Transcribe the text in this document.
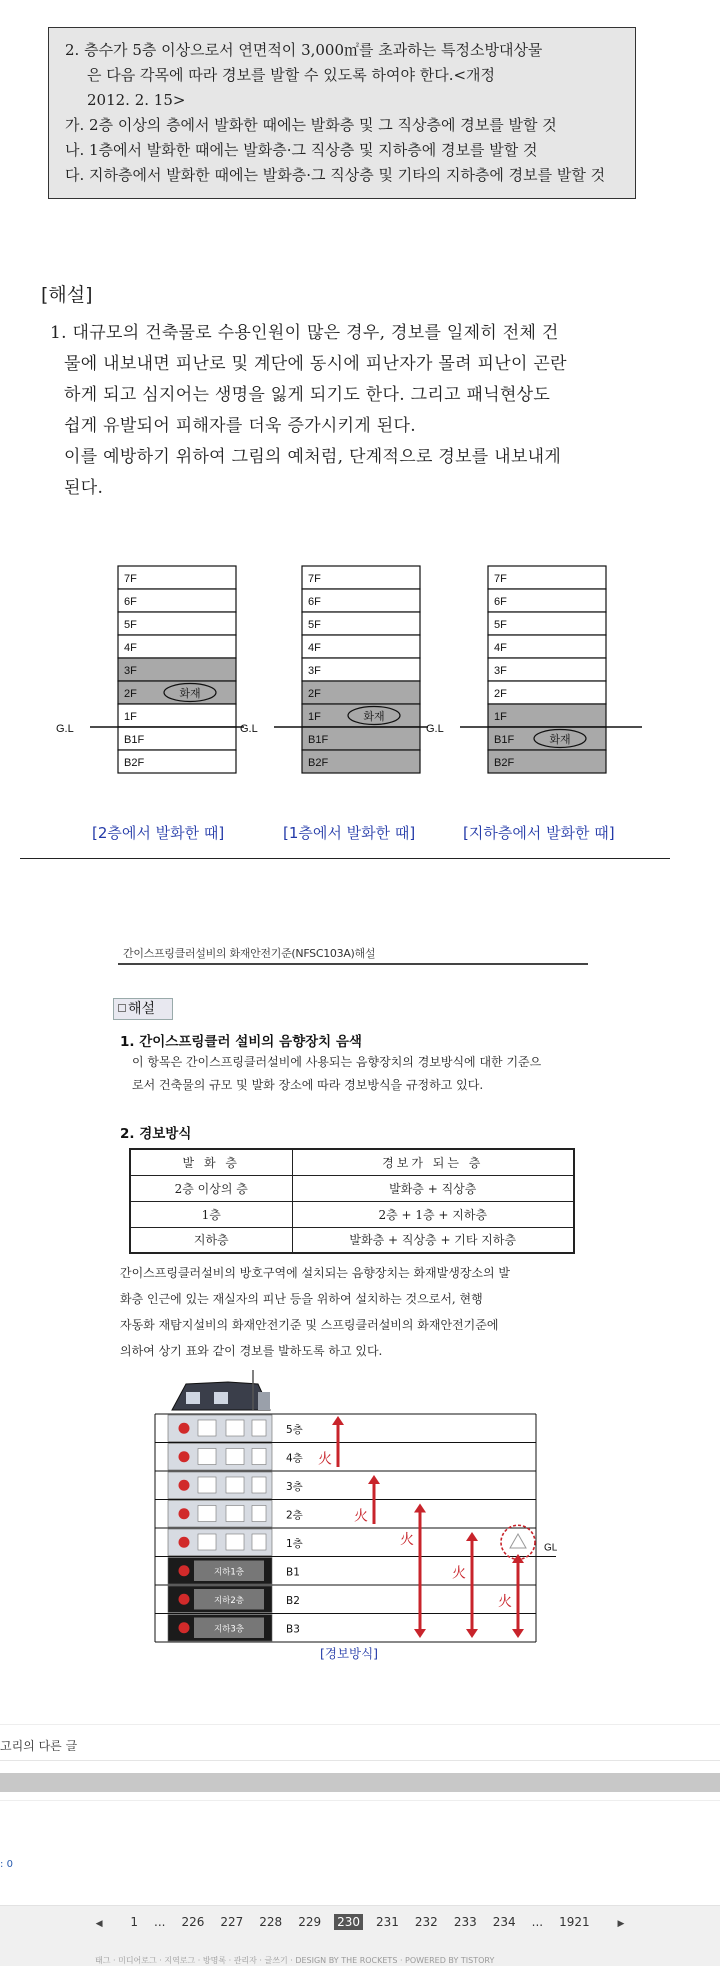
2. 층수가 5층 이상으로서 연면적이 3,000㎡를 초과하는 특정소방대상물

은 다음 각목에 따라 경보를 발할 수 있도록 하여야 한다.<개정

2012. 2. 15>

가. 2층 이상의 층에서 발화한 때에는 발화층 및 그 직상층에 경보를 발할 것

나. 1층에서 발화한 때에는 발화층·그 직상층 및 지하층에 경보를 발할 것

다. 지하층에서 발화한 때에는 발화층·그 직상층 및 기타의 지하층에 경보를 발할 것

[해설]
1. 대규모의 건축물로 수용인원이 많은 경우, 경보를 일제히 전체 건
물에 내보내면 피난로 및 계단에 동시에 피난자가 몰려 피난이 곤란
하게 되고 심지어는 생명을 잃게 되기도 한다. 그리고 패닉현상도
쉽게 유발되어 피해자를 더욱 증가시키게 된다.
이를 예방하기 위하여 그림의 예처럼, 단계적으로 경보를 내보내게
된다.
7F
6F
5F
4F
3F
2F	화재
1F
B1F
B2F
G.L
7F
6F
5F
4F
3F
2F
1F	화재
B1F
B2F
G.L
7F
6F
5F
4F
3F
2F
1F
B1F	화재
B2F
G.L
[2층에서 발화한 때]	[1층에서 발화한 때]	[지하층에서 발화한 때]
간이스프링클러설비의 화재안전기준(NFSC103A)해설
해설
1. 간이스프링클러 설비의 음향장치 음색
이 항목은 간이스프링클러설비에 사용되는 음향장치의 경보방식에 대한 기준으
로서 건축물의 규모 및 발화 장소에 따라 경보방식을 규정하고 있다.
2. 경보방식
발 화 층	경보가 되는 층
2층 이상의 층	발화층 + 직상층
1층	2층 + 1층 + 지하층
지하층	발화층 + 직상층 + 기타 지하층
간이스프링클러설비의 방호구역에 설치되는 음향장치는 화재발생장소의 발
화층 인근에 있는 재실자의 피난 등을 위하여 설치하는 것으로서, 현행
자동화 재탐지설비의 화재안전기준 및 스프링클러설비의 화재안전기준에
의하여 상기 표와 같이 경보를 발하도록 하고 있다.
5층
4층
3층
2층
1층
지하1층	B1
지하2층	B2
지하3층	B3
GL
火
火
火
火
火
[경보방식]
고리의 다른 글
: 0
◀ 1 ... 226 227 228 229 230 231 232 233 234 ... 1921	▶
태그 · 미디어로그 · 지역로그 · 방명록 · 관리자 · 글쓰기 · DESIGN BY THE ROCKETS · POWERED BY TISTORY
